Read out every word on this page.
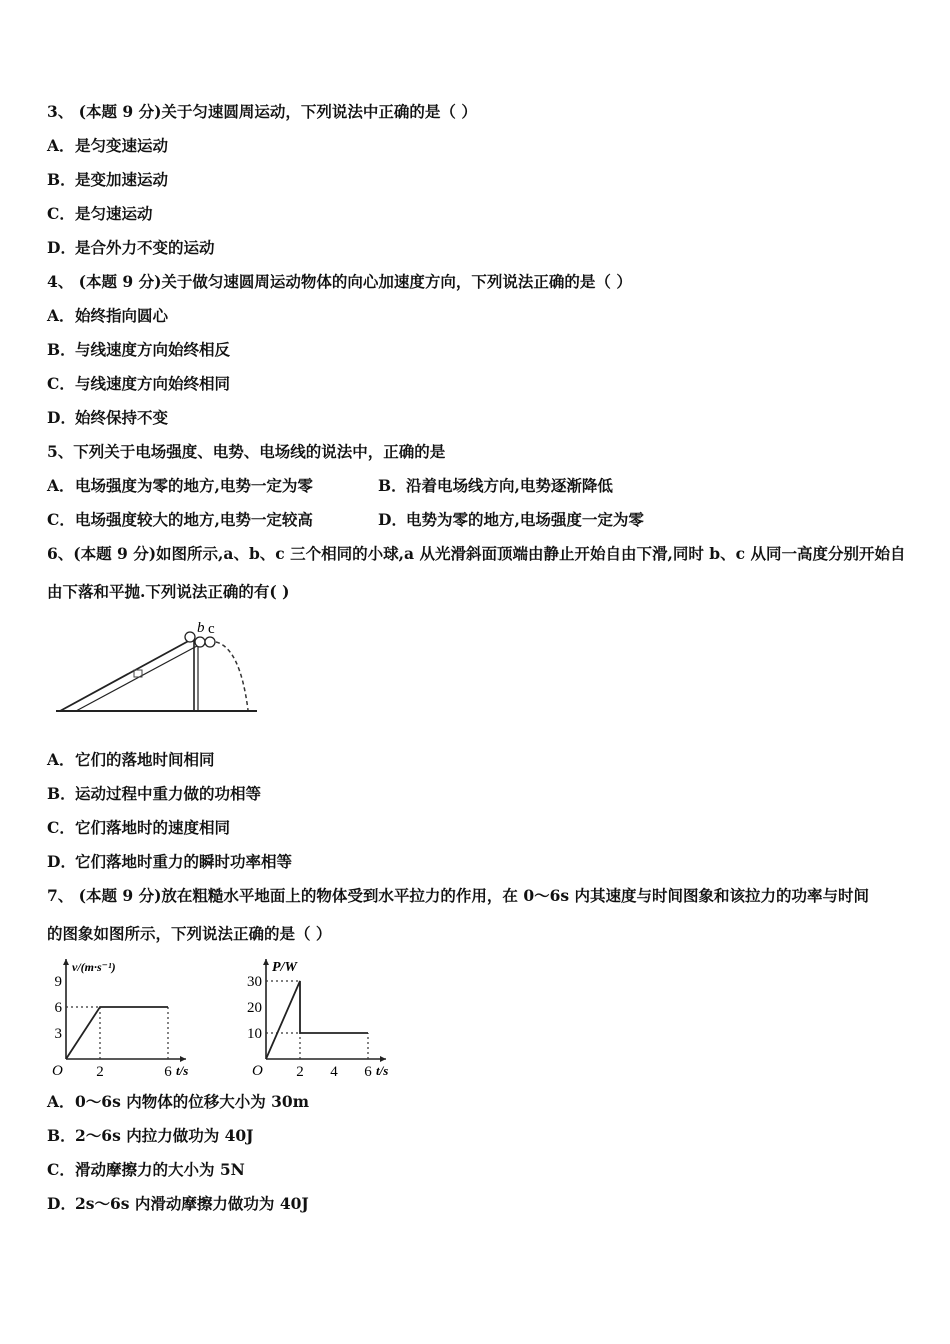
3、 (本题 9 分)关于匀速圆周运动，下列说法中正确的是（ ）
A．是匀变速运动
B．是变加速运动
C．是匀速运动
D．是合外力不变的运动
4、 (本题 9 分)关于做匀速圆周运动物体的向心加速度方向，下列说法正确的是（ ）
A．始终指向圆心
B．与线速度方向始终相反
C．与线速度方向始终相同
D．始终保持不变
5、下列关于电场强度、电势、电场线的说法中，正确的是
A．电场强度为零的地方,电势一定为零	B．沿着电场线方向,电势逐渐降低
C．电场强度较大的地方,电势一定较高	D．电势为零的地方,电场强度一定为零
6、(本题 9 分)如图所示,a、b、c 三个相同的小球,a 从光滑斜面顶端由静止开始自由下滑,同时 b、c 从同一高度分别开始自
由下落和平抛.下列说法正确的有( )
b c
A．它们的落地时间相同
B．运动过程中重力做的功相等
C．它们落地时的速度相同
D．它们落地时重力的瞬时功率相等
7、 (本题 9 分)放在粗糙水平地面上的物体受到水平拉力的作用，在 0～6s 内其速度与时间图象和该拉力的功率与时间
的图象如图所示，下列说法正确的是（ ）
v/(m·s⁻¹)
t/s
O
3
6
9
2	6
P/W
t/s
O
10
20
30
2 4 6
A．0～6s 内物体的位移大小为 30m
B．2～6s 内拉力做功为 40J
C．滑动摩擦力的大小为 5N
D．2s～6s 内滑动摩擦力做功为 40J
